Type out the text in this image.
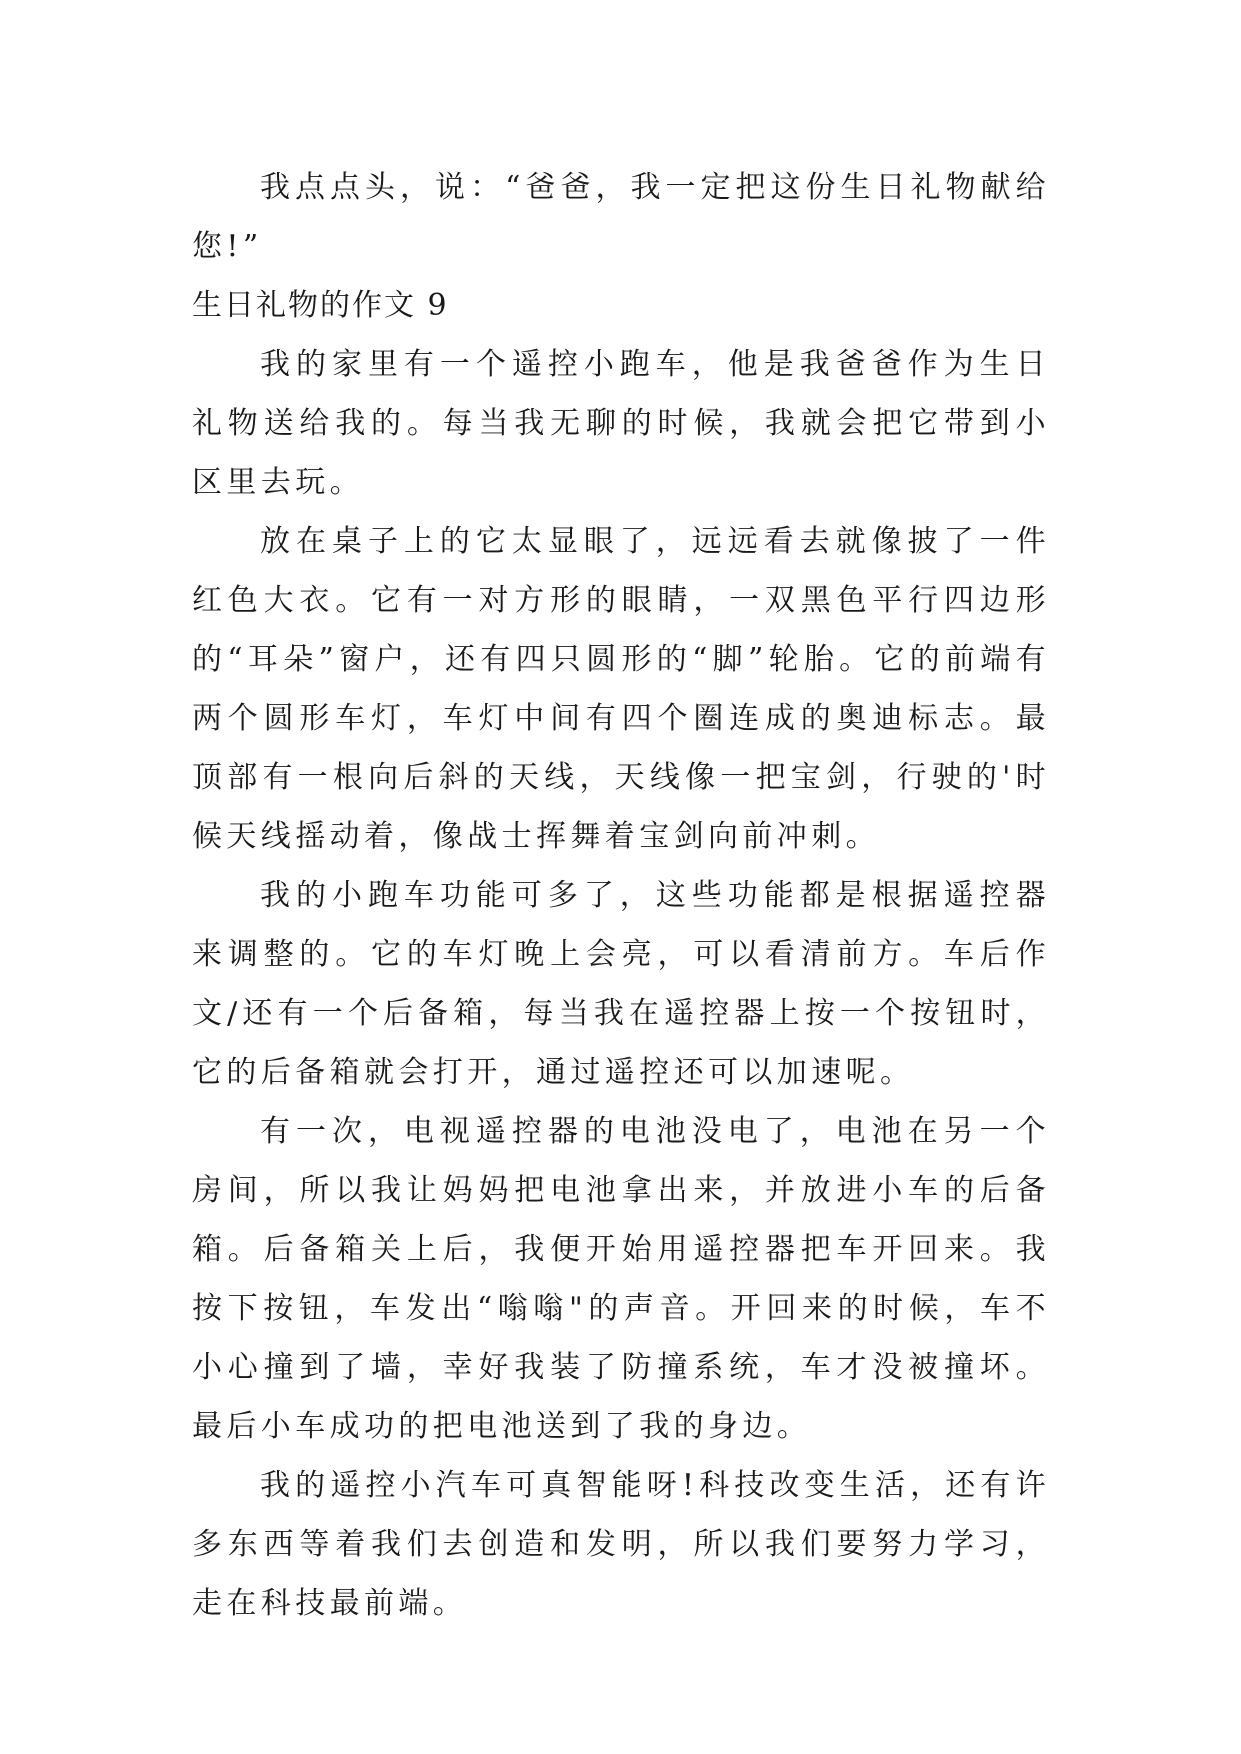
我点点头，说：“爸爸，我一定把这份生日礼物献给您!”

生日礼物的作文 9

我的家里有一个遥控小跑车，他是我爸爸作为生日礼物送给我的。每当我无聊的时候，我就会把它带到小区里去玩。

放在桌子上的它太显眼了，远远看去就像披了一件红色大衣。它有一对方形的眼睛，一双黑色平行四边形的“耳朵”窗户，还有四只圆形的“脚”轮胎。它的前端有两个圆形车灯，车灯中间有四个圈连成的奥迪标志。最顶部有一根向后斜的天线，天线像一把宝剑，行驶的'时候天线摇动着，像战士挥舞着宝剑向前冲刺。

我的小跑车功能可多了，这些功能都是根据遥控器来调整的。它的车灯晚上会亮，可以看清前方。车后作文/还有一个后备箱，每当我在遥控器上按一个按钮时，它的后备箱就会打开，通过遥控还可以加速呢。

有一次，电视遥控器的电池没电了，电池在另一个房间，所以我让妈妈把电池拿出来，并放进小车的后备箱。后备箱关上后，我便开始用遥控器把车开回来。我按下按钮，车发出“嗡嗡"的声音。开回来的时候，车不小心撞到了墙，幸好我装了防撞系统，车才没被撞坏。最后小车成功的把电池送到了我的身边。

我的遥控小汽车可真智能呀!科技改变生活，还有许多东西等着我们去创造和发明，所以我们要努力学习，走在科技最前端。
